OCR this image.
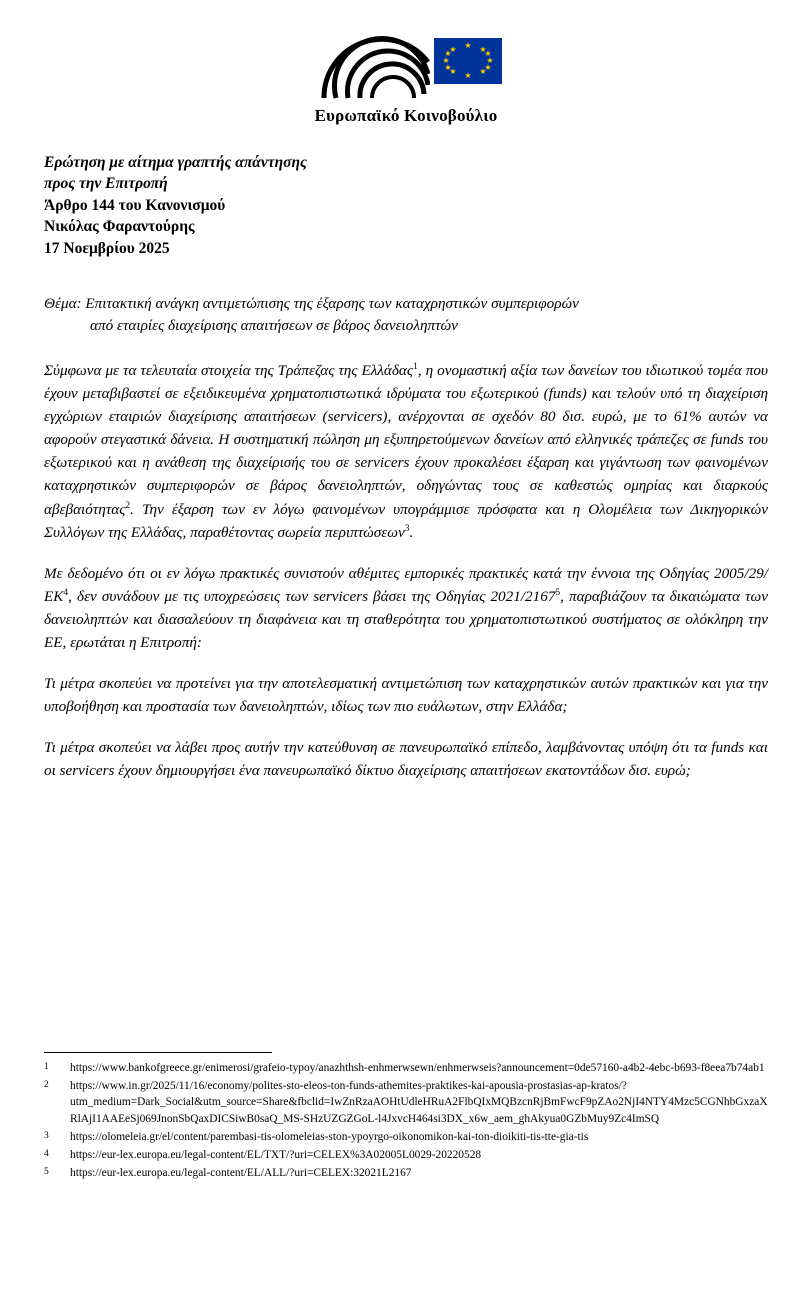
★
★
★	★
★	★
★	★
★	★
★	★
Ευρωπαϊκό Κοινοβούλιο
Ερώτηση με αίτημα γραπτής απάντησης
προς την Επιτροπή
Άρθρο 144 του Κανονισμού
Νικόλας Φαραντούρης
17 Νοεμβρίου 2025
Θέμα: Επιτακτική ανάγκη αντιμετώπισης της έξαρσης των καταχρηστικών συμπεριφορών
από εταιρίες διαχείρισης απαιτήσεων σε βάρος δανειοληπτών

Σύμφωνα με τα τελευταία στοιχεία της Τράπεζας της Ελλάδας$^1$, η ονομαστική αξία των δανείων του ιδιωτικού τομέα που έχουν μεταβιβαστεί σε εξειδικευμένα χρηματοπιστωτικά ιδρύματα του εξωτερικού (funds) και τελούν υπό τη διαχείριση εγχώριων εταιριών διαχείρισης απαιτήσεων (servicers), ανέρχονται σε σχεδόν 80 δισ. ευρώ, με το 61% αυτών να αφορούν στεγαστικά δάνεια. Η συστηματική πώληση μη εξυπηρετούμενων δανείων από ελληνικές τράπεζες σε funds του εξωτερικού και η ανάθεση της διαχείρισής του σε servicers έχουν προκαλέσει έξαρση και γιγάντωση των φαινομένων καταχρηστικών συμπεριφορών σε βάρος δανειοληπτών, οδηγώντας τους σε καθεστώς ομηρίας και διαρκούς αβεβαιότητας$^2$. Την έξαρση των εν λόγω φαινομένων υπογράμμισε πρόσφατα και η Ολομέλεια των Δικηγορικών Συλλόγων της Ελλάδας, παραθέτοντας σωρεία περιπτώσεων$^3$.

Με δεδομένο ότι οι εν λόγω πρακτικές συνιστούν αθέμιτες εμπορικές πρακτικές κατά την έννοια της Οδηγίας $2005/29/EK^4$, δεν συνάδουν με τις υποχρεώσεις των servicers βάσει της Οδηγίας 2021/2167$^5$, παραβιάζουν τα δικαιώματα των δανειοληπτών και διασαλεύουν τη διαφάνεια και τη σταθερότητα του χρηματοπιστωτικού συστήματος σε ολόκληρη την ΕΕ, ερωτάται η Επιτροπή:

Τι μέτρα σκοπεύει να προτείνει για την αποτελεσματική αντιμετώπιση των καταχρηστικών αυτών πρακτικών και για την υποβοήθηση και προστασία των δανειοληπτών, ιδίως των πιο ευάλωτων, στην Ελλάδα;

Τι μέτρα σκοπεύει να λάβει προς αυτήν την κατεύθυνση σε πανευρωπαϊκό επίπεδο, λαμβάνοντας υπόψη ότι τα funds και οι servicers έχουν δημιουργήσει ένα πανευρωπαϊκό δίκτυο διαχείρισης απαιτήσεων εκατοντάδων δισ. ευρώ;

1	https://www.bankofgreece.gr/enimerosi/grafeio-typoy/anazhthsh-enhmerwsewn/enhmerwseis?announcement=0de57160-a4b2-4ebc-b693-f8eea7b74ab1
2	https://www.in.gr/2025/11/16/economy/polites-sto-eleos-ton-funds-athemites-praktikes-kai-apousia-prostasias-ap-kratos/?utm_medium=Dark_Social&utm_source=Share&fbclid=IwZnRzaAOHtUdleHRuA2FlbQIxMQBzcnRjBmFwcF9pZAo2NjI4NTY4Mzc5CGNhbGxzaXRlAjI1AAEeSj069JnonSbQaxDICSiwB0saQ_MS-SHzUZGZGoL-l4JxvcH464si3DX_x6w_aem_ghAkyua0GZbMuy9Zc4ImSQ
3	https://olomeleia.gr/el/content/parembasi-tis-olomeleias-ston-ypoyrgo-oikonomikon-kai-ton-dioikiti-tis-tte-gia-tis
4	https://eur-lex.europa.eu/legal-content/EL/TXT/?uri=CELEX%3A02005L0029-20220528
5	https://eur-lex.europa.eu/legal-content/EL/ALL/?uri=CELEX:32021L2167
